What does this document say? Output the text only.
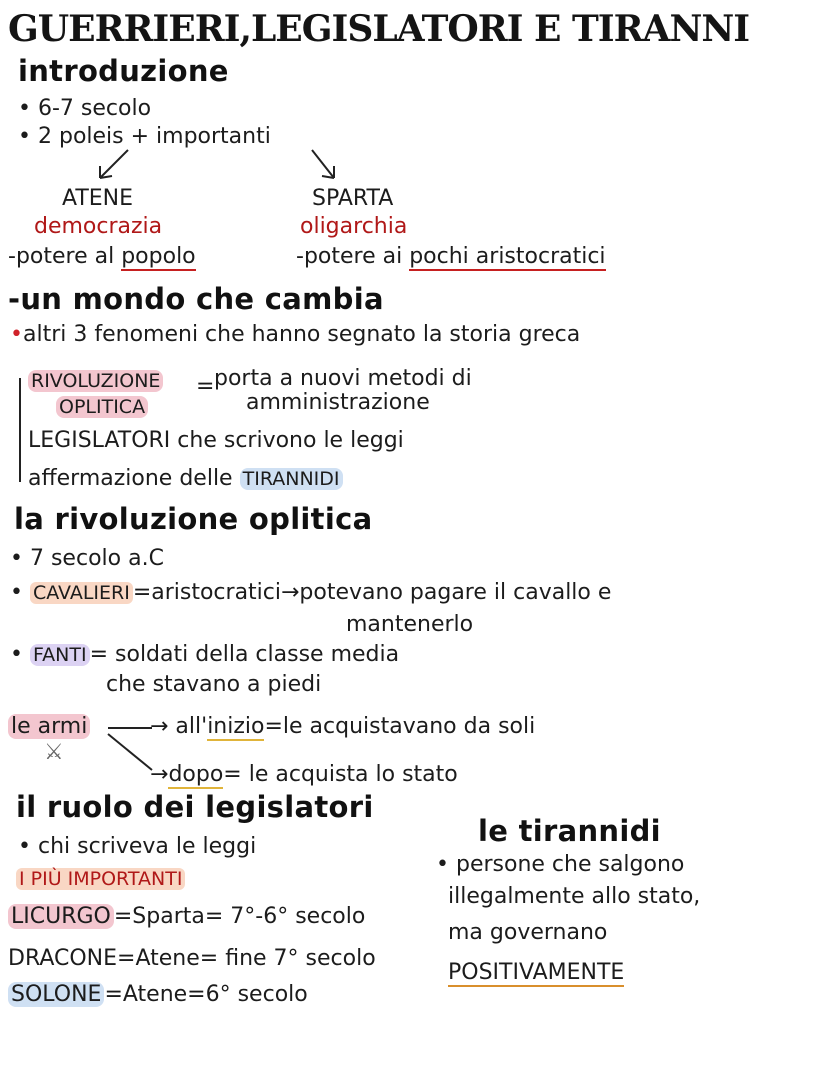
GUERRIERI,LEGISLATORI E TIRANNI
introduzione
• 6-7 secolo
• 2 poleis + importanti
ATENE
democrazia
-potere al popolo
SPARTA
oligarchia
-potere ai pochi aristocratici
-un mondo che cambia
•altri 3 fenomeni che hanno segnato la storia greca
RIVOLUZIONE
OPLITICA
= porta a nuovi metodi di
amministrazione
LEGISLATORI che scrivono le leggi
affermazione delle TIRANNIDI
la rivoluzione oplitica
• 7 secolo a.C
• CAVALIERI =aristocratici→potevano pagare il cavallo e
mantenerlo
• FANTI = soldati della classe media
che stavano a piedi
le armi
⚔
→ all'inizio=le acquistavano da soli
→dopo= le acquista lo stato
il ruolo dei legislatori
• chi scriveva le leggi
I PIÙ IMPORTANTI
LICURGO =Sparta= 7°-6° secolo
DRACONE=Atene= fine 7° secolo
SOLONE =Atene=6° secolo
le tirannidi
• persone che salgono
illegalmente allo stato,
ma governano
POSITIVAMENTE
